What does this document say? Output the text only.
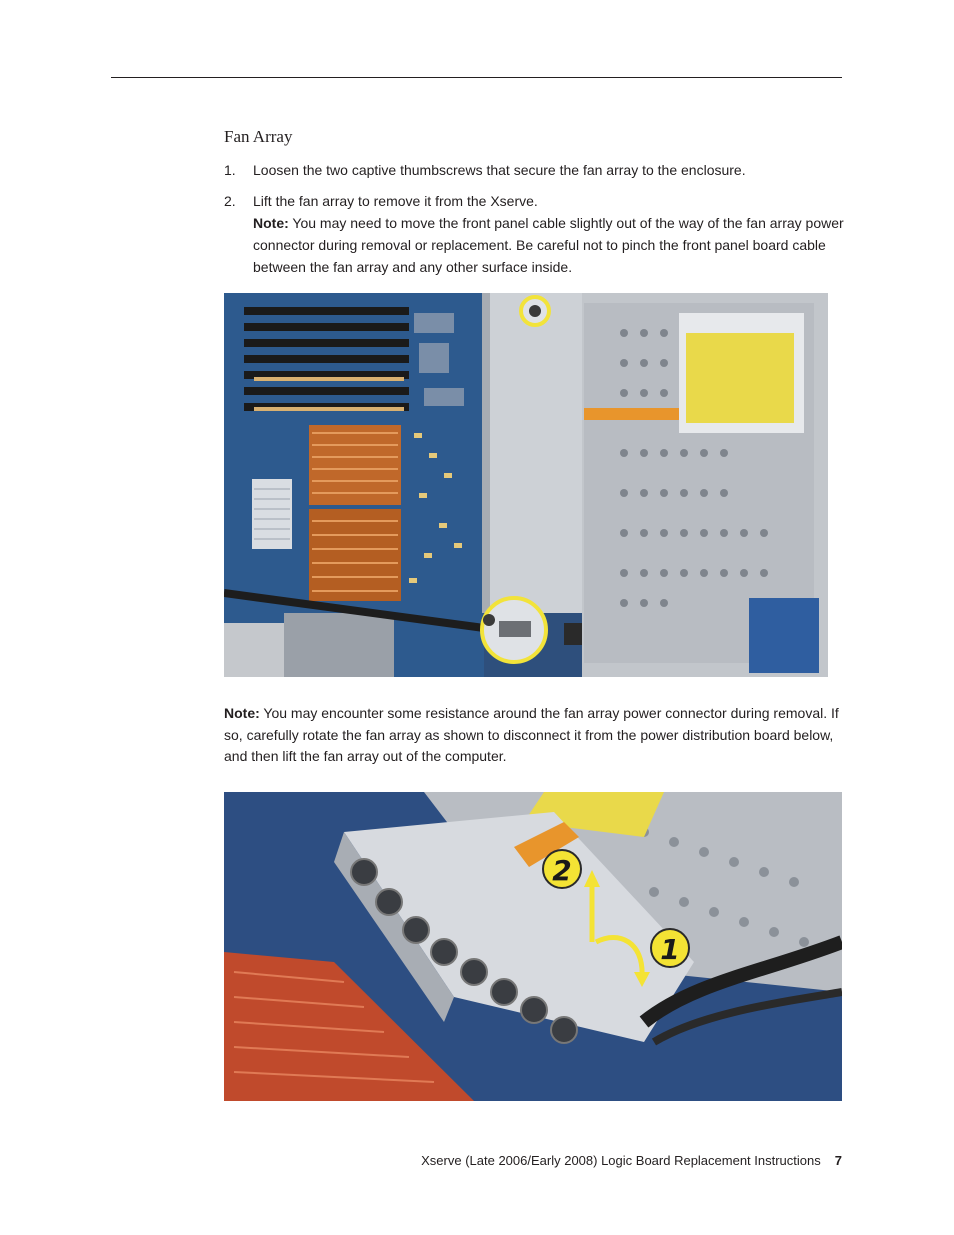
Fan Array
1. Loosen the two captive thumbscrews that secure the fan array to the enclosure.
2. Lift the fan array to remove it from the Xserve.
Note: You may need to move the front panel cable slightly out of the way of the fan array power connector during removal or replacement. Be careful not to pinch the front panel board cable between the fan array and any other surface inside.
Note: You may encounter some resistance around the fan array power connector during removal. If so, carefully rotate the fan array as shown to disconnect it from the power distribution board below, and then lift the fan array out of the computer.
2
1
Xserve (Late 2006/Early 2008) Logic Board Replacement Instructions 7
